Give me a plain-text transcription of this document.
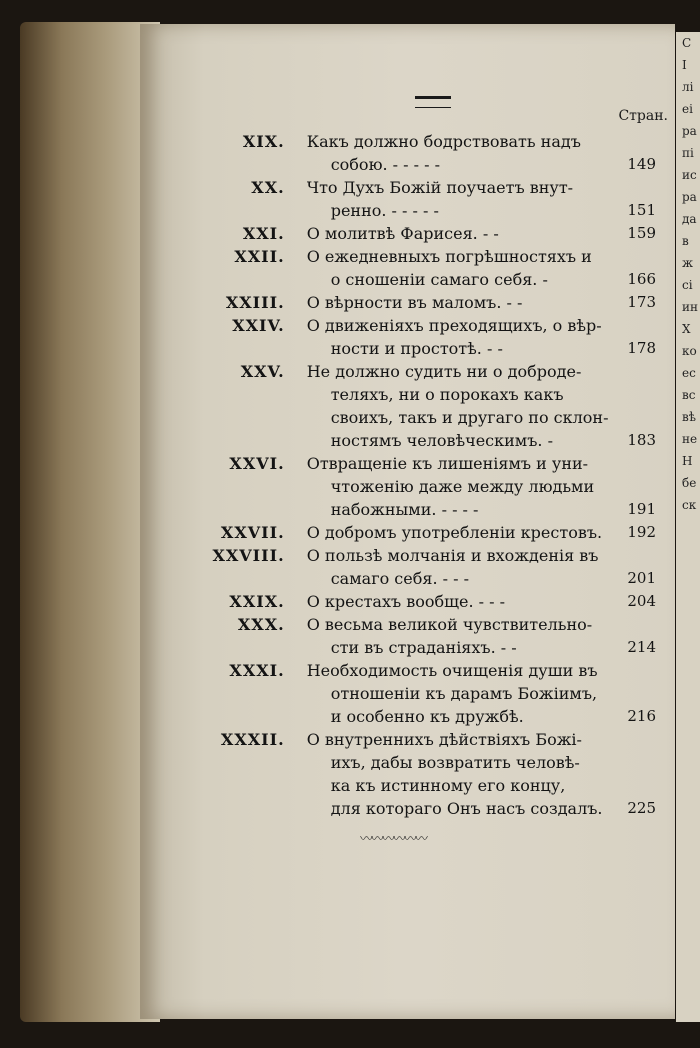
C
I
лі
ei
ра
пі
ис
ра
да
в
ж
сі
ин
Х
ко
ес
вс
вѣ
не
Н
бе
ск

Стран.

XIX.	Какъ должно бодрствовать надъ
собою. - - - - -	149
XX.	Что Духъ Божій поучаетъ внут-
ренно. - - - - -	151
XXI.	О молитвѣ Фарисея. - -	159
XXII.	О ежедневныхъ погрѣшностяхъ и
о сношеніи самаго себя. -	166
XXIII.	О вѣрности въ маломъ. - -	173
XXIV.	О движеніяхъ преходящихъ, о вѣр-
ности и простотѣ. - -	178
XXV.	Не должно судить ни о доброде-
теляхъ, ни о порокахъ какъ
своихъ, такъ и другаго по склон-
ностямъ человѣческимъ. -	183
XXVI.	Отвращеніе къ лишеніямъ и уни-
чтоженію даже между людьми
набожными. - - - -	191
XXVII.	О добромъ употребленіи крестовъ.	192
XXVIII.	О пользѣ молчанія и вхожденія въ
самаго себя. - - -	201
XXIX.	О крестахъ вообще. - - -	204
XXX.	О весьма великой чувствительно-
сти въ страданіяхъ. - -	214
XXXI.	Необходимость очищенія души въ
отношеніи къ дарамъ Божіимъ,
и особенно къ дружбѣ.	216
XXXII.	О внутреннихъ дѣйствіяхъ Божі-
ихъ, дабы возвратить человѣ-
ка къ истинному его концу,
для котораго Онъ насъ создалъ.	225
〰〰〰〰〰〰
